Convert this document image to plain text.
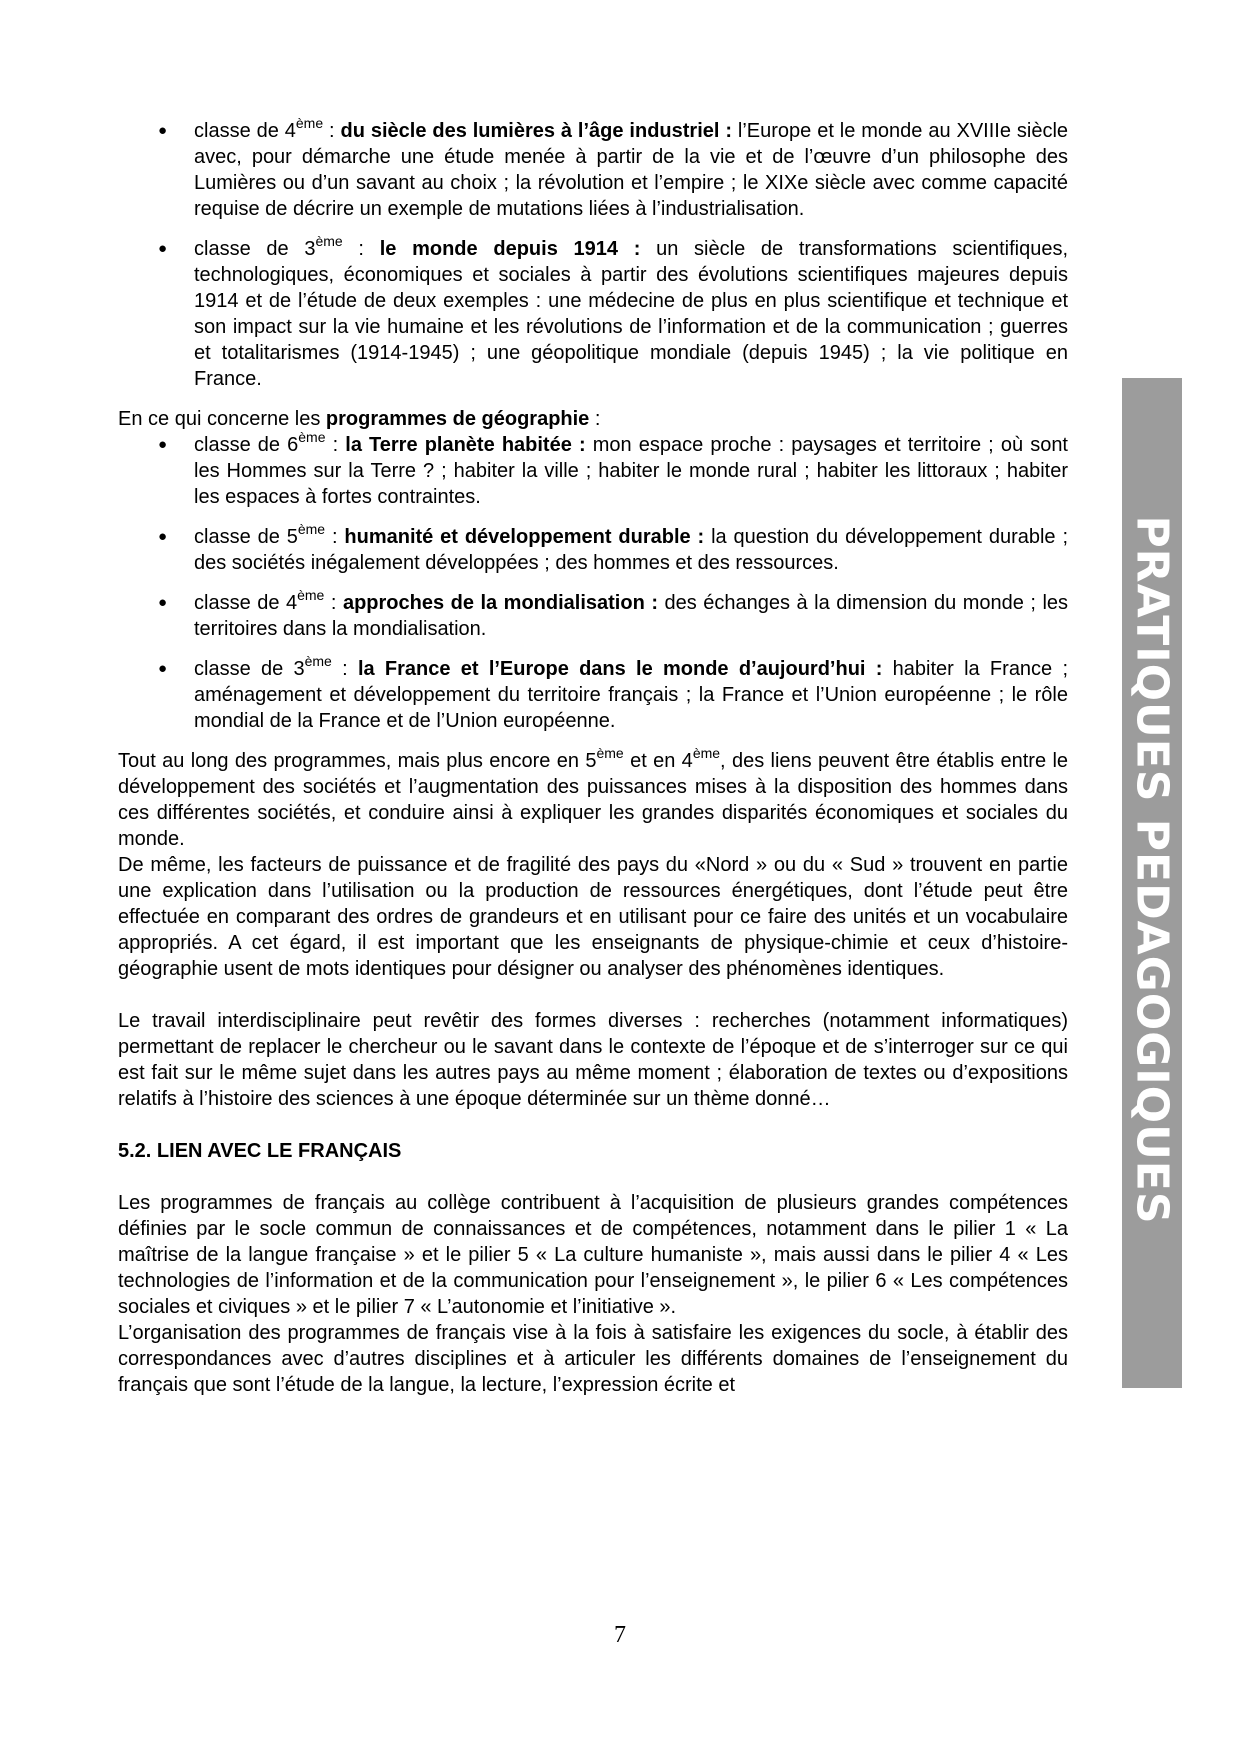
● classe de 4ème : du siècle des lumières à l’âge industriel : l’Europe et le monde au XVIIIe siècle avec, pour démarche une étude menée à partir de la vie et de l’œuvre d’un philosophe des Lumières ou d’un savant au choix ; la révolution et l’empire ; le XIXe siècle avec comme capacité requise de décrire un exemple de mutations liées à l’industrialisation.
● classe de 3ème : le monde depuis 1914 : un siècle de transformations scientifiques, technologiques, économiques et sociales à partir des évolutions scientifiques majeures depuis 1914 et de l’étude de deux exemples : une médecine de plus en plus scientifique et technique et son impact sur la vie humaine et les révolutions de l’information et de la communication ; guerres et totalitarismes (1914-1945) ; une géopolitique mondiale (depuis 1945) ; la vie politique en France.

En ce qui concerne les programmes de géographie :

● classe de 6ème : la Terre planète habitée : mon espace proche : paysages et territoire ; où sont les Hommes sur la Terre ? ; habiter la ville ; habiter le monde rural ; habiter les littoraux ; habiter les espaces à fortes contraintes.
● classe de 5ème : humanité et développement durable : la question du développement durable ; des sociétés inégalement développées ; des hommes et des ressources.
● classe de 4ème : approches de la mondialisation : des échanges à la dimension du monde ; les territoires dans la mondialisation.
● classe de 3ème : la France et l’Europe dans le monde d’aujourd’hui : habiter la France ; aménagement et développement du territoire français ; la France et l’Union européenne ; le rôle mondial de la France et de l’Union européenne.

Tout au long des programmes, mais plus encore en 5ème et en 4ème, des liens peuvent être établis entre le développement des sociétés et l’augmentation des puissances mises à la disposition des hommes dans ces différentes sociétés, et conduire ainsi à expliquer les grandes disparités économiques et sociales du monde.

De même, les facteurs de puissance et de fragilité des pays du «Nord » ou du « Sud » trouvent en partie une explication dans l’utilisation ou la production de ressources énergétiques, dont l’étude peut être effectuée en comparant des ordres de grandeurs et en utilisant pour ce faire des unités et un vocabulaire appropriés. A cet égard, il est important que les enseignants de physique-chimie et ceux d’histoire-géographie usent de mots identiques pour désigner ou analyser des phénomènes identiques.

Le travail interdisciplinaire peut revêtir des formes diverses : recherches (notamment informatiques) permettant de replacer le chercheur ou le savant dans le contexte de l’époque et de s’interroger sur ce qui est fait sur le même sujet dans les autres pays au même moment ; élaboration de textes ou d’expositions relatifs à l’histoire des sciences à une époque déterminée sur un thème donné…

5.2. LIEN AVEC LE FRANÇAIS

Les programmes de français au collège contribuent à l’acquisition de plusieurs grandes compétences définies par le socle commun de connaissances et de compétences, notamment dans le pilier 1 « La maîtrise de la langue française » et le pilier 5 « La culture humaniste », mais aussi dans le pilier 4 « Les technologies de l’information et de la communication pour l’enseignement », le pilier 6 « Les compétences sociales et civiques » et le pilier 7 « L’autonomie et l’initiative ».

L’organisation des programmes de français vise à la fois à satisfaire les exigences du socle, à établir des correspondances avec d’autres disciplines et à articuler les différents domaines de l’enseignement du français que sont l’étude de la langue, la lecture, l’expression écrite et

PRATIQUES PEDAGOGIQUES
7
